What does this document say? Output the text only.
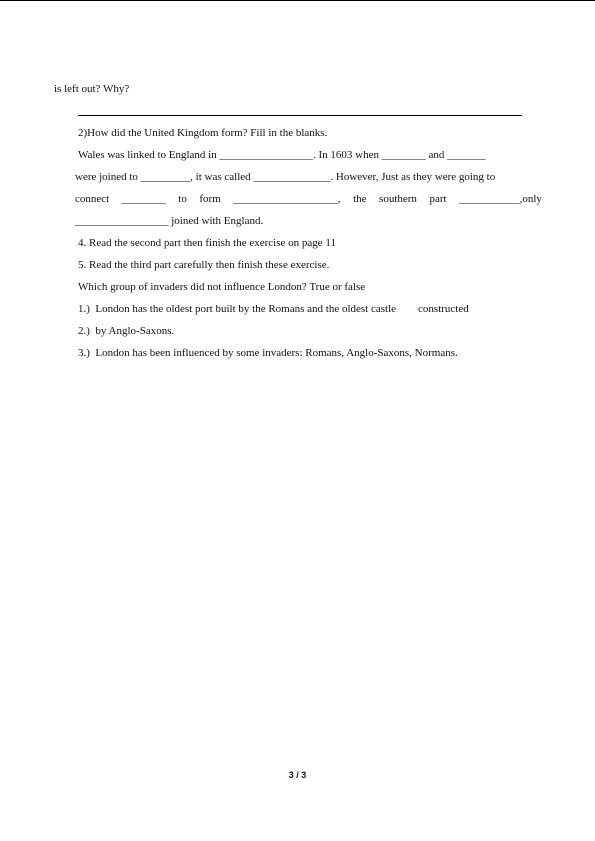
is left out? Why?
2)How did the United Kingdom form? Fill in the blanks.
Wales was linked to England in _________________. In 1603 when ________ and _______
were joined to _________, it was called ______________. However, Just as they were going to
connect ________ to form ___________________, the southern part ___________,only
_________________ joined with England.
4. Read the second part then finish the exercise on page 11
5. Read the third part carefully then finish these exercise.
Which group of invaders did not influence London? True or false
1.)  London has the oldest port built by the Romans and the oldest castle        constructed
2.)  by Anglo-Saxons.
3.)  London has been influenced by some invaders: Romans, Anglo-Saxons, Normans.
3 / 3
